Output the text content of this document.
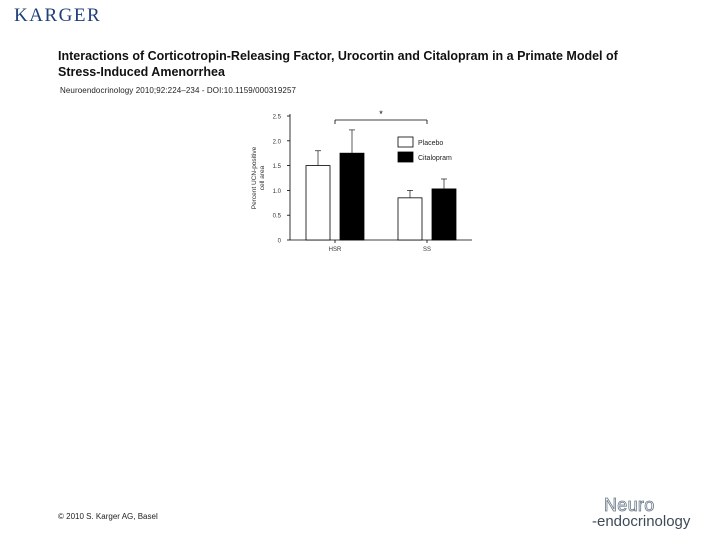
KARGER
Interactions of Corticotropin-Releasing Factor, Urocortin and Citalopram in a Primate Model of Stress-Induced Amenorrhea
Neuroendocrinology 2010;92:224–234 - DOI:10.1159/000319257
0
0.5
1.0
1.5
2.0
2.5
Percent UCN-positivecell area
HSR	SS
*
Placebo
Citalopram
© 2010 S. Karger AG, Basel
Neuro
-endocrinology
